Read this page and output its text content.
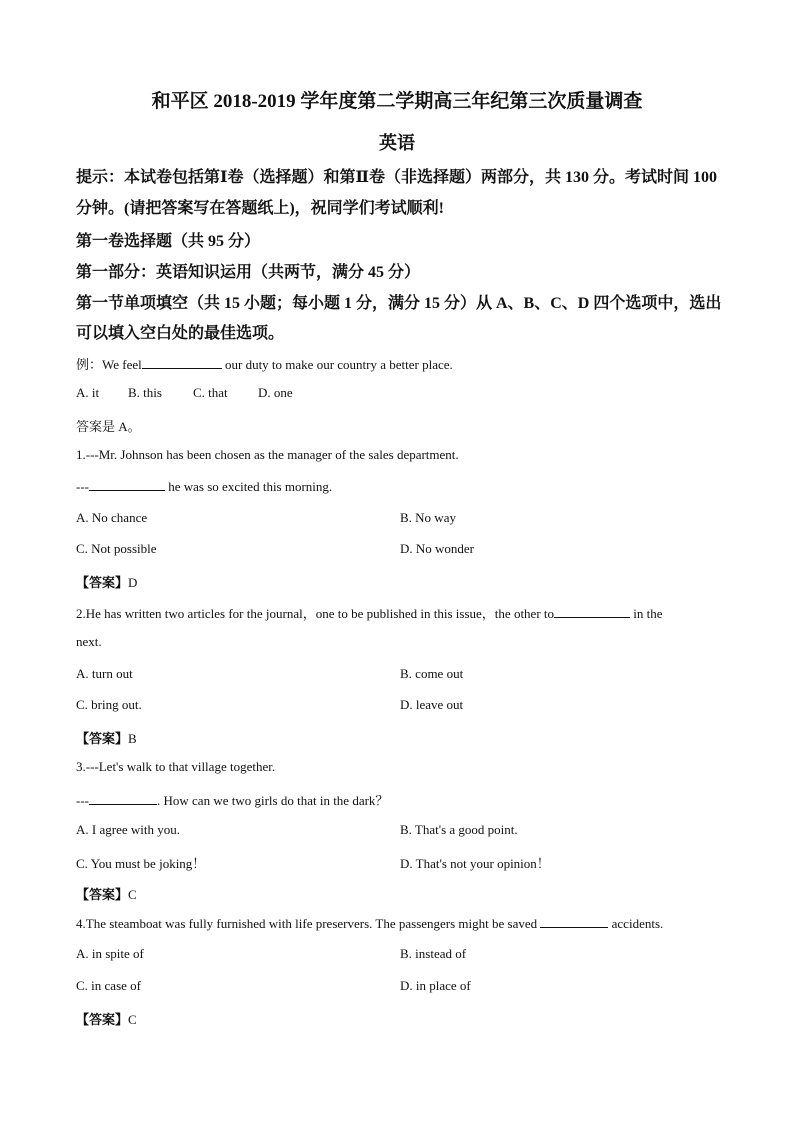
和平区 2018-2019 学年度第二学期高三年纪第三次质量调查
英语
提示：本试卷包括第Ⅰ卷（选择题）和第Ⅱ卷（非选择题）两部分，共 130 分。考试时间 100
分钟。(请把答案写在答题纸上)，祝同学们考试顺利!
第一卷选择题（共 95 分）
第一部分：英语知识运用（共两节，满分 45 分）
第一节单项填空（共 15 小题；每小题 1 分，满分 15 分）从 A、B、C、D 四个选项中，选出
可以填入空白处的最佳选项。
例：We feel	our duty to make our country a better place.
A. it B. this C. that D. one
答案是 A。
1.---Mr. Johnson has been chosen as the manager of the sales department.
---	he was so excited this morning.
A. No chance	B. No way
C. Not possible	D. No wonder
【答案】D
2.He has written two articles for the journal，one to be published in this issue，the other to	in the
next.
A. turn out	B. come out
C. bring out.	D. leave out
【答案】B
3.---Let's walk to that village together.
---	. How can we two girls do that in the dark？
A. I agree with you.	B. That's a good point.
C. You must be joking！	D. That's not your opinion！
【答案】C
4.The steamboat was fully furnished with life preservers. The passengers might be saved	accidents.
A. in spite of	B. instead of
C. in case of	D. in place of
【答案】C
